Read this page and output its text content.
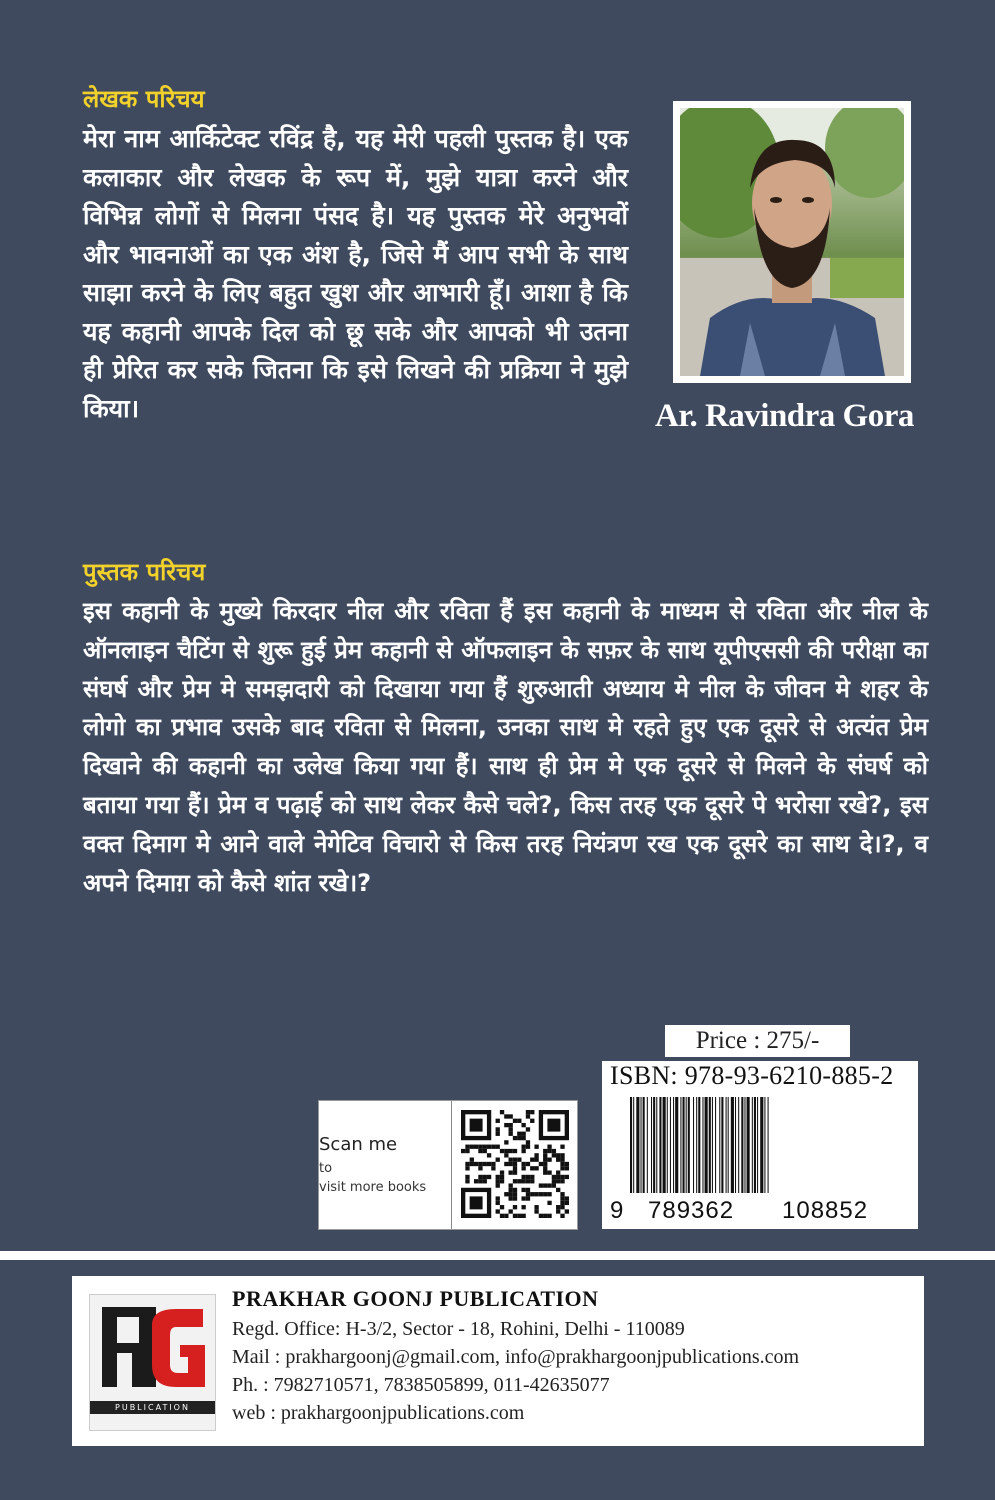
लेखक परिचय

मेरा नाम आर्किटेक्ट रविंद्र है, यह मेरी पहली पुस्तक है। एक कलाकार और लेखक के रूप में, मुझे यात्रा करने और विभिन्न लोगों से मिलना पंसद है। यह पुस्तक मेरे अनुभवों और भावनाओं का एक अंश है, जिसे मैं आप सभी के साथ साझा करने के लिए बहुत खुश और आभारी हूँ। आशा है कि यह कहानी आपके दिल को छू सके और आपको भी उतना ही प्रेरित कर सके जितना कि इसे लिखने की प्रक्रिया ने मुझे किया।	Ar. Ravindra Gora
पुस्तक परिचय

इस कहानी के मुख्ये किरदार नील और रविता हैं इस कहानी के माध्यम से रविता और नील के ऑनलाइन चैटिंग से शुरू हुई प्रेम कहानी से ऑफलाइन के सफ़र के साथ यूपीएससी की परीक्षा का संघर्ष और प्रेम मे समझदारी को दिखाया गया हैं शुरुआती अध्याय मे नील के जीवन मे शहर के लोगो का प्रभाव उसके बाद रविता से मिलना, उनका साथ मे रहते हुए एक दूसरे से अत्यंत प्रेम दिखाने की कहानी का उलेख किया गया हैं। साथ ही प्रेम मे एक दूसरे से मिलने के संघर्ष को बताया गया हैं। प्रेम व पढ़ाई को साथ लेकर कैसे चले?, किस तरह एक दूसरे पे भरोसा रखे?, इस वक्त दिमाग मे आने वाले नेगेटिव विचारो से किस तरह नियंत्रण रख एक दूसरे का साथ दे।?, व अपने दिमाग़ को कैसे शांत रखे।?

Price : 275/-
ISBN: 978-93-6210-885-2
9 789362 108852
Scan me
to
visit more books
PUBLICATION
PRAKHAR GOONJ PUBLICATION
Regd. Office: H-3/2, Sector - 18, Rohini, Delhi - 110089
Mail : prakhargoonj@gmail.com, info@prakhargoonjpublications.com
Ph. : 7982710571, 7838505899, 011-42635077
web : prakhargoonjpublications.com
